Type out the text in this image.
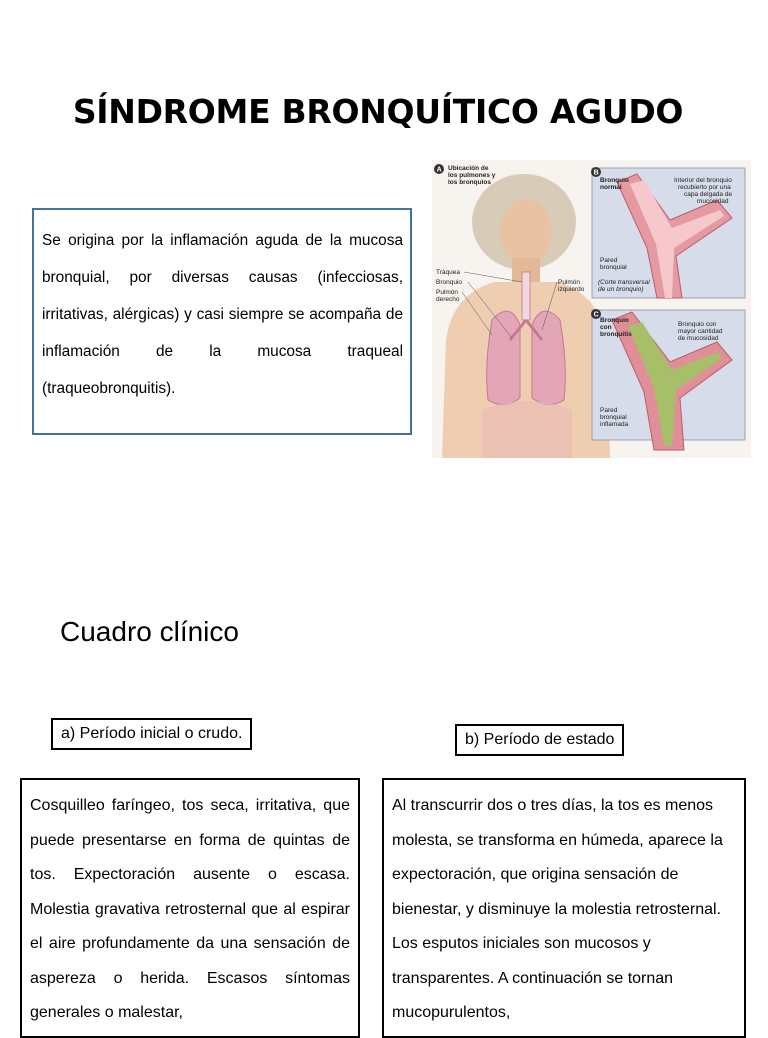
SÍNDROME BRONQUÍTICO AGUDO
Se origina por la inflamación aguda de la mucosa bronquial, por diversas causas (infecciosas, irritativas, alérgicas) y casi siempre se acompaña de inflamación de la mucosa traqueal (traqueobronquitis).
A Ubicación de
los pulmones y
los bronquios
Tráquea
Bronquio
Pulmón
derecho
Pulmón
izquierdo
B
Bronquio
normal
Interior del bronquio
recubierto por una
capa delgada de
mucosidad
Pared
bronquial
(Corte transversal
de un bronquio)
C
Bronquio
con
bronquitis
Bronquio con
mayor cantidad
de mucosidad
Pared
bronquial
inflamada
Cuadro clínico
a) Período inicial o crudo.	b) Período de estado
Cosquilleo faríngeo, tos seca, irritativa, que puede presentarse en forma de quintas de tos. Expectoración ausente o escasa. Molestia gravativa retrosternal que al espirar el aire profundamente da una sensación de aspereza o herida. Escasos síntomas generales o malestar,
Al transcurrir dos o tres días, la tos es menos molesta, se transforma en húmeda, aparece la expectoración, que origina sensación de bienestar, y disminuye la molestia retrosternal. Los esputos iniciales son mucosos y transparentes. A continuación se tornan mucopurulentos,
